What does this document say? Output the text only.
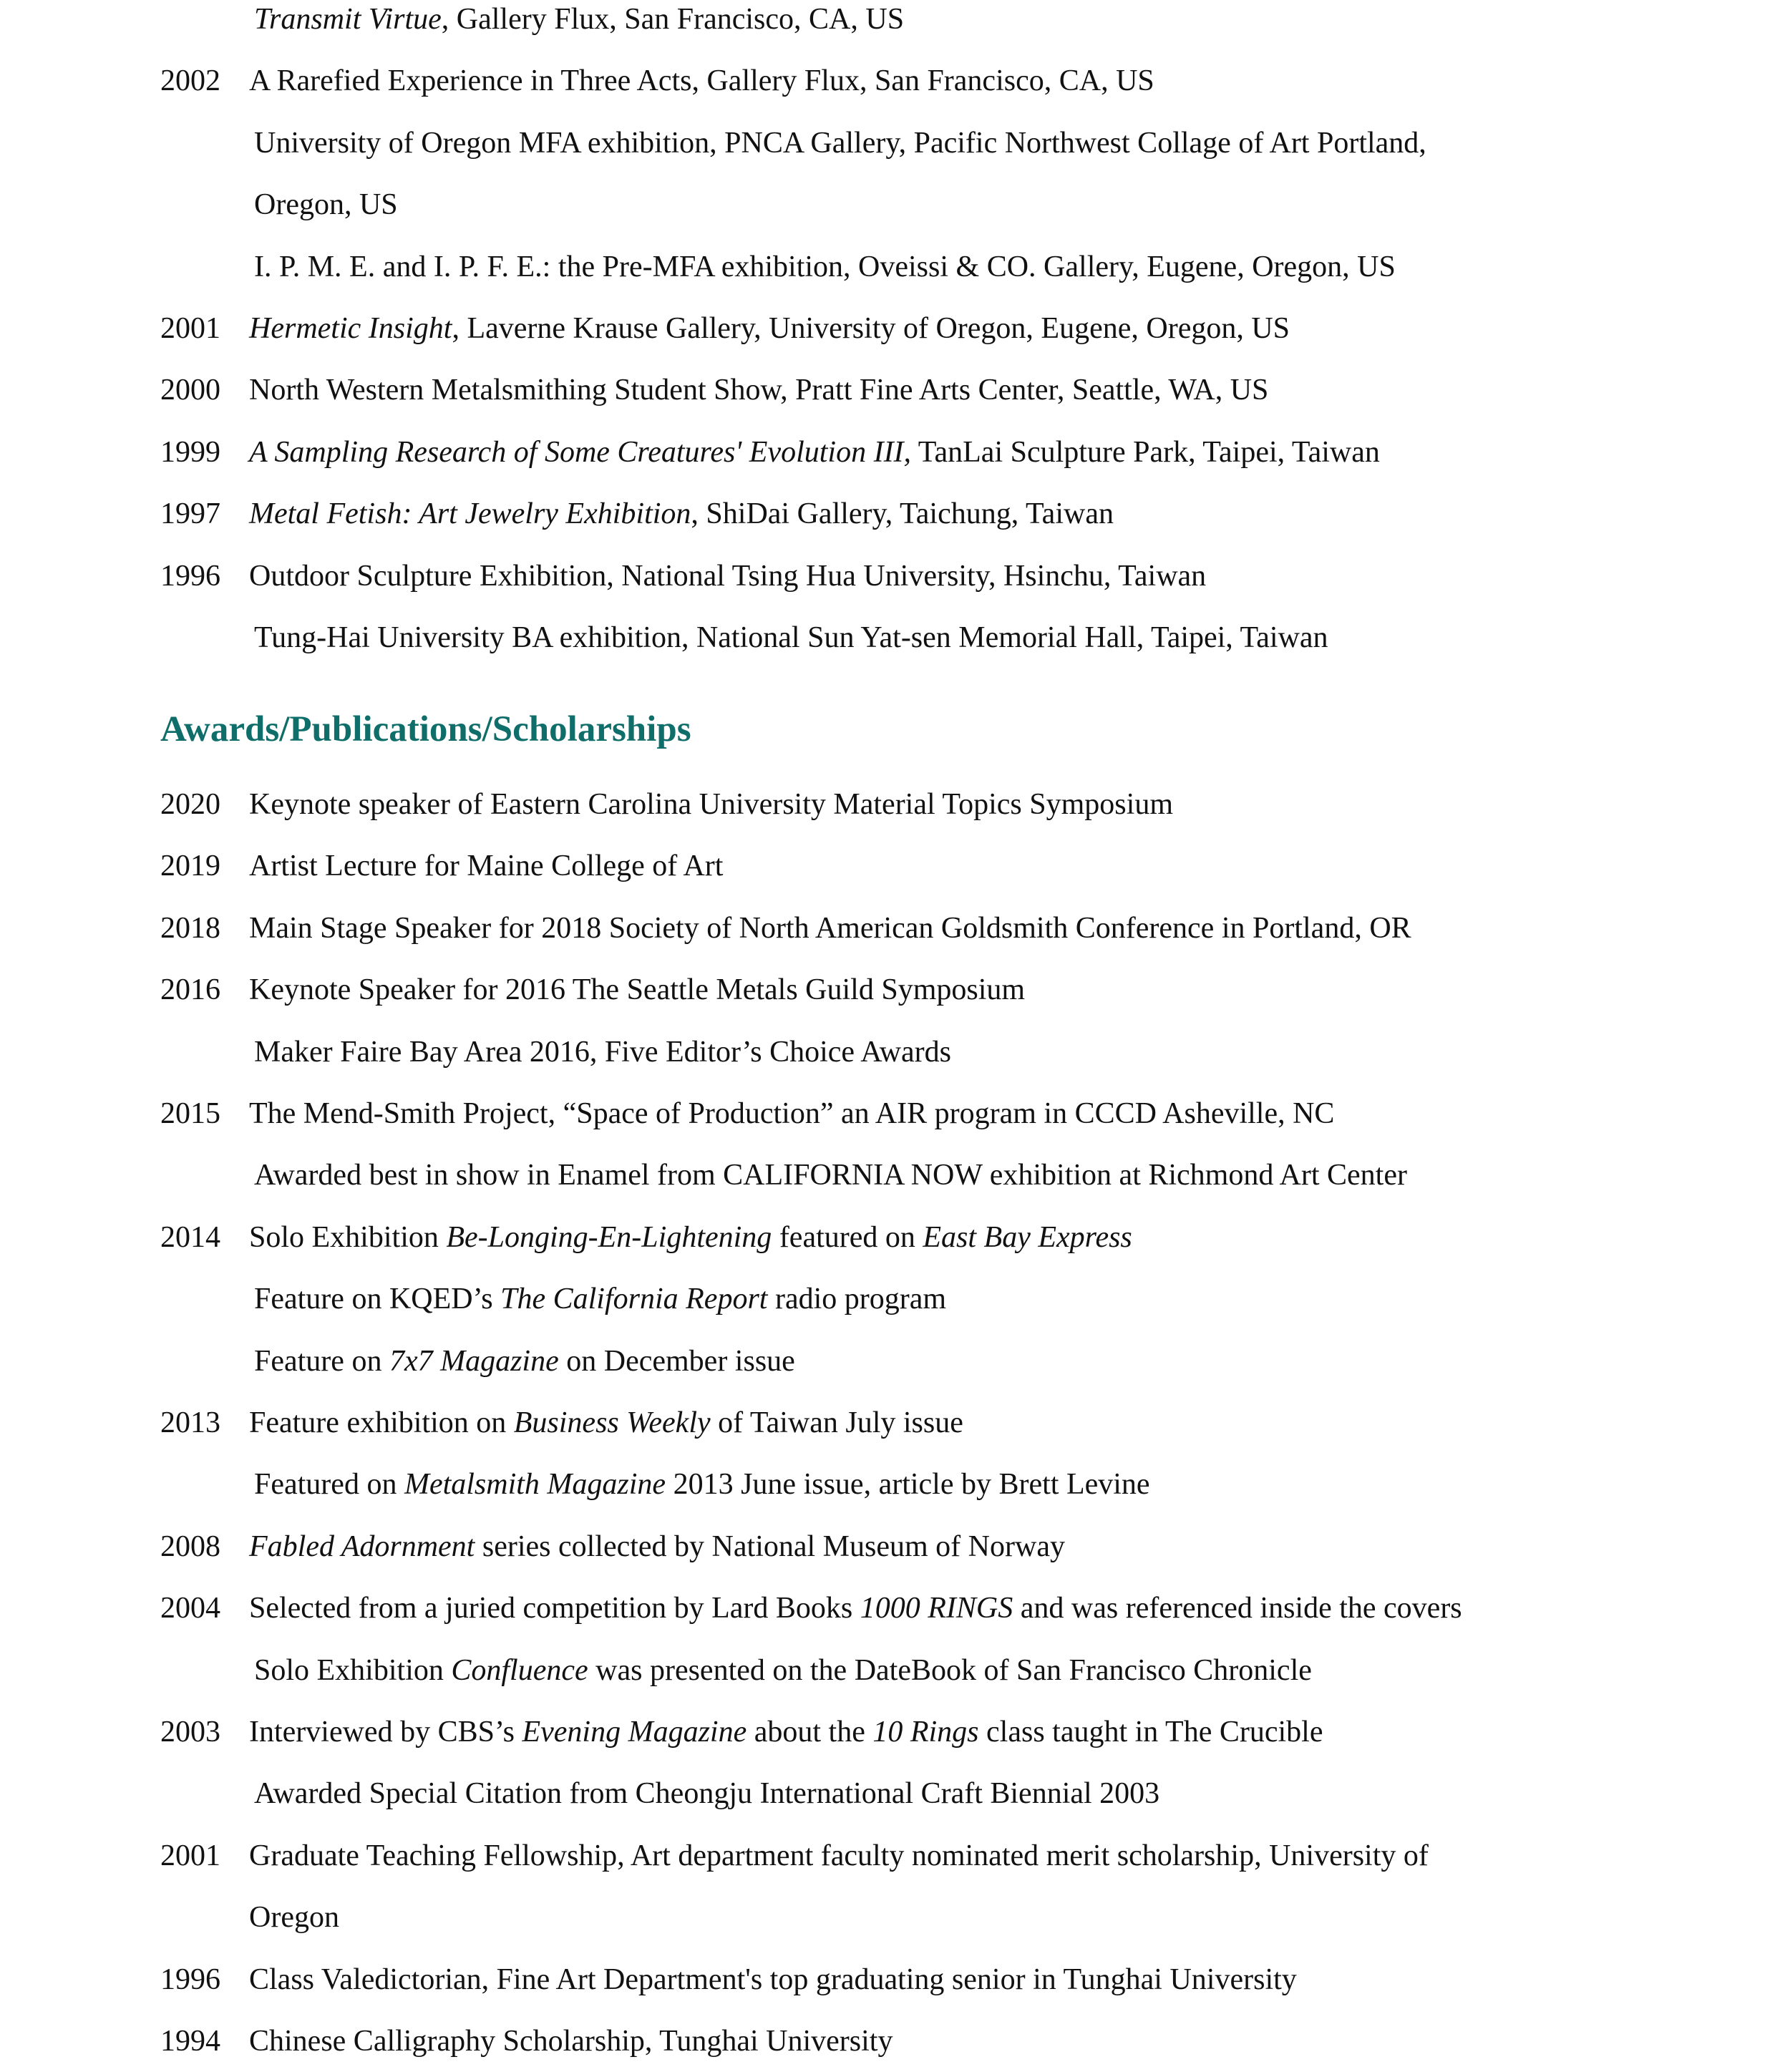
Transmit Virtue, Gallery Flux, San Francisco, CA, US
2002 A Rarefied Experience in Three Acts, Gallery Flux, San Francisco, CA, US
University of Oregon MFA exhibition, PNCA Gallery, Pacific Northwest Collage of Art Portland,
Oregon, US
I. P. M. E. and I. P. F. E.: the Pre-MFA exhibition, Oveissi & CO. Gallery, Eugene, Oregon, US
2001 Hermetic Insight, Laverne Krause Gallery, University of Oregon, Eugene, Oregon, US
2000 North Western Metalsmithing Student Show, Pratt Fine Arts Center, Seattle, WA, US
1999 A Sampling Research of Some Creatures' Evolution III, TanLai Sculpture Park, Taipei, Taiwan
1997 Metal Fetish: Art Jewelry Exhibition, ShiDai Gallery, Taichung, Taiwan
1996 Outdoor Sculpture Exhibition, National Tsing Hua University, Hsinchu, Taiwan
Tung-Hai University BA exhibition, National Sun Yat-sen Memorial Hall, Taipei, Taiwan
Awards/Publications/Scholarships
2020 Keynote speaker of Eastern Carolina University Material Topics Symposium
2019 Artist Lecture for Maine College of Art
2018 Main Stage Speaker for 2018 Society of North American Goldsmith Conference in Portland, OR
2016 Keynote Speaker for 2016 The Seattle Metals Guild Symposium
Maker Faire Bay Area 2016, Five Editor’s Choice Awards
2015 The Mend-Smith Project, “Space of Production” an AIR program in CCCD Asheville, NC
Awarded best in show in Enamel from CALIFORNIA NOW exhibition at Richmond Art Center
2014 Solo Exhibition Be-Longing-En-Lightening featured on East Bay Express
Feature on KQED’s The California Report radio program
Feature on 7x7 Magazine on December issue
2013 Feature exhibition on Business Weekly of Taiwan July issue
Featured on Metalsmith Magazine 2013 June issue, article by Brett Levine
2008 Fabled Adornment series collected by National Museum of Norway
2004 Selected from a juried competition by Lard Books 1000 RINGS and was referenced inside the covers
Solo Exhibition Confluence was presented on the DateBook of San Francisco Chronicle
2003 Interviewed by CBS’s Evening Magazine about the 10 Rings class taught in The Crucible
Awarded Special Citation from Cheongju International Craft Biennial 2003
2001 Graduate Teaching Fellowship, Art department faculty nominated merit scholarship, University of
Oregon
1996 Class Valedictorian, Fine Art Department's top graduating senior in Tunghai University
1994 Chinese Calligraphy Scholarship, Tunghai University
